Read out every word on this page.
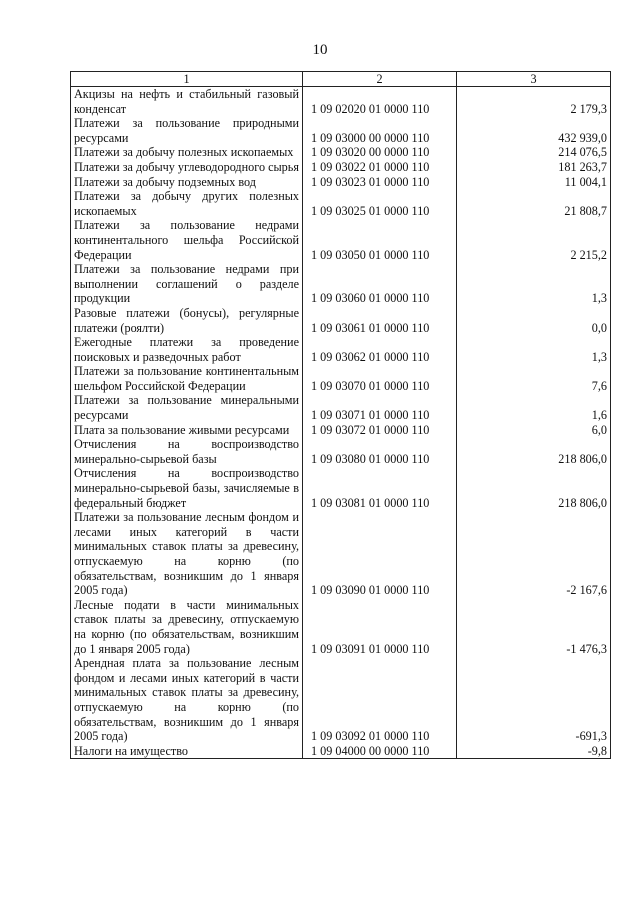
10
1	2	3
Акцизы на нефть и стабильный газовый конденсат	1 09 02020 01 0000 110	2 179,3
Платежи за пользование природными ресурсами	1 09 03000 00 0000 110	432 939,0
Платежи за добычу полезных ископаемых	1 09 03020 00 0000 110	214 076,5
Платежи за добычу углеводородного сырья	1 09 03022 01 0000 110	181 263,7
Платежи за добычу подземных вод	1 09 03023 01 0000 110	11 004,1
Платежи за добычу других полезных ископаемых	1 09 03025 01 0000 110	21 808,7
Платежи за пользование недрами континентального шельфа Российской Федерации	1 09 03050 01 0000 110	2 215,2
Платежи за пользование недрами при выполнении соглашений о разделе продукции	1 09 03060 01 0000 110	1,3
Разовые платежи (бонусы), регулярные платежи (роялти)	1 09 03061 01 0000 110	0,0
Ежегодные платежи за проведение поисковых и разведочных работ	1 09 03062 01 0000 110	1,3
Платежи за пользование континентальным шельфом Российской Федерации	1 09 03070 01 0000 110	7,6
Платежи за пользование минеральными ресурсами	1 09 03071 01 0000 110	1,6
Плата за пользование живыми ресурсами	1 09 03072 01 0000 110	6,0
Отчисления на воспроизводство минерально-сырьевой базы	1 09 03080 01 0000 110	218 806,0
Отчисления на воспроизводство минерально-сырьевой базы, зачисляемые в федеральный бюджет	1 09 03081 01 0000 110	218 806,0
Платежи за пользование лесным фондом и лесами иных категорий в части минимальных ставок платы за древесину, отпускаемую на корню (по обязательствам, возникшим до 1 января 2005 года)	1 09 03090 01 0000 110	-2 167,6
Лесные подати в части минимальных ставок платы за древесину, отпускаемую на корню (по обязательствам, возникшим до 1 января 2005 года)	1 09 03091 01 0000 110	-1 476,3
Арендная плата за пользование лесным фондом и лесами иных категорий в части минимальных ставок платы за древесину, отпускаемую на корню (по обязательствам, возникшим до 1 января 2005 года)	1 09 03092 01 0000 110	-691,3
Налоги на имущество	1 09 04000 00 0000 110	-9,8
